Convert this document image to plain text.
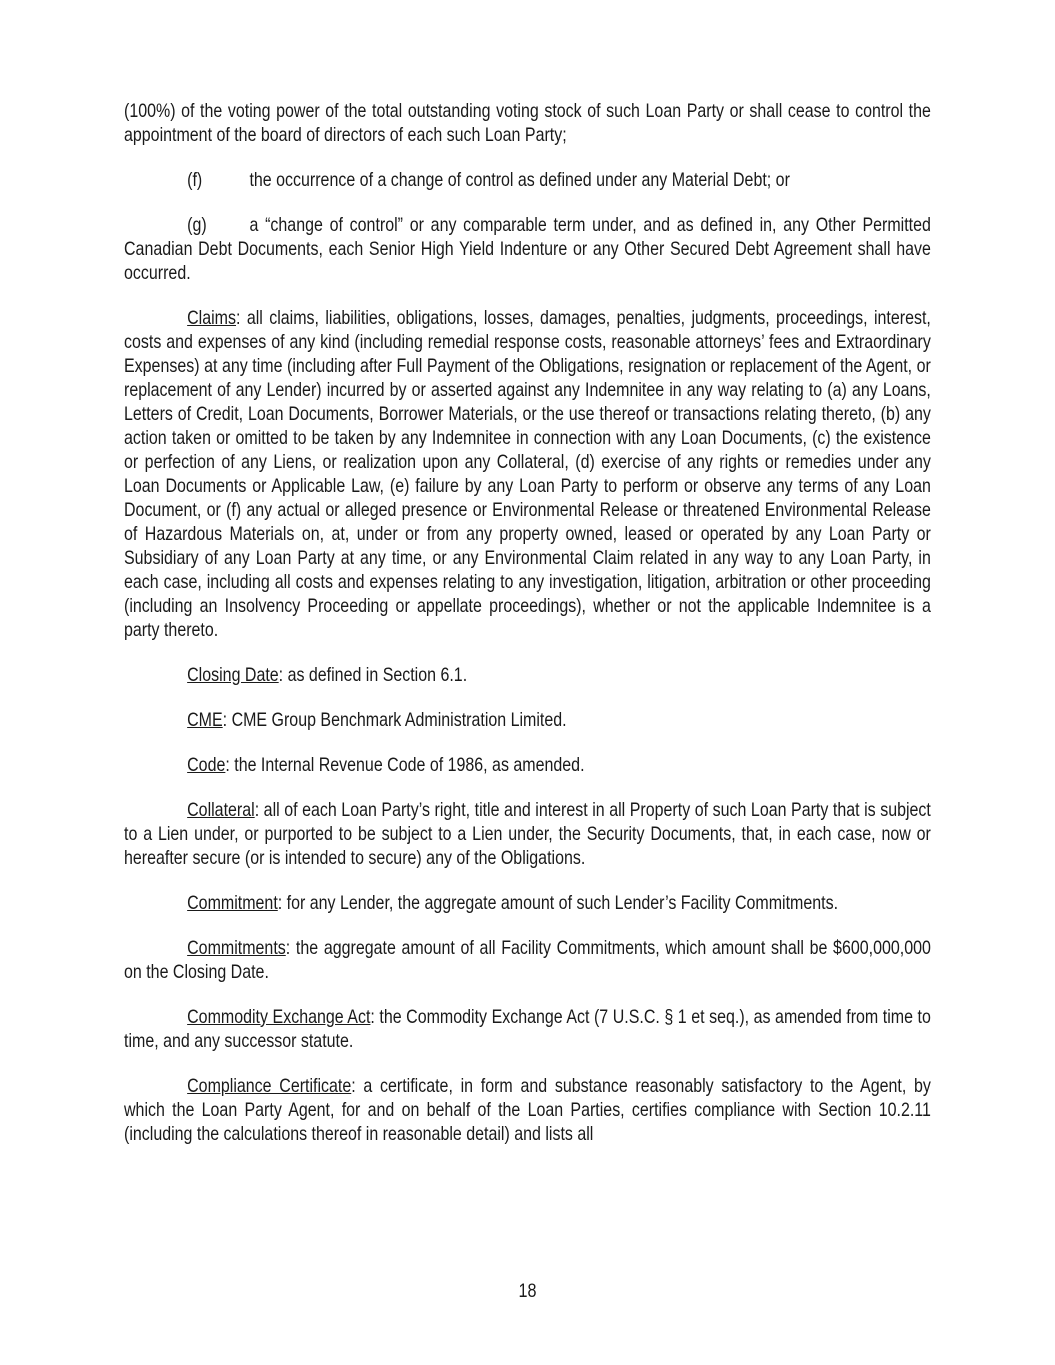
(100%) of the voting power of the total outstanding voting stock of such Loan Party or shall cease to control the appointment of the board of directors of each such Loan Party;

(f) the occurrence of a change of control as defined under any Material Debt; or

(g) a “change of control” or any comparable term under, and as defined in, any Other Permitted Canadian Debt Documents, each Senior High Yield Indenture or any Other Secured Debt Agreement shall have occurred.

Claims: all claims, liabilities, obligations, losses, damages, penalties, judgments, proceedings, interest, costs and expenses of any kind (including remedial response costs, reasonable attorneys’ fees and Extraordinary Expenses) at any time (including after Full Payment of the Obligations, resignation or replacement of the Agent, or replacement of any Lender) incurred by or asserted against any Indemnitee in any way relating to (a) any Loans, Letters of Credit, Loan Documents, Borrower Materials, or the use thereof or transactions relating thereto, (b) any action taken or omitted to be taken by any Indemnitee in connection with any Loan Documents, (c) the existence or perfection of any Liens, or realization upon any Collateral, (d) exercise of any rights or remedies under any Loan Documents or Applicable Law, (e) failure by any Loan Party to perform or observe any terms of any Loan Document, or (f) any actual or alleged presence or Environmental Release or threatened Environmental Release of Hazardous Materials on, at, under or from any property owned, leased or operated by any Loan Party or Subsidiary of any Loan Party at any time, or any Environmental Claim related in any way to any Loan Party, in each case, including all costs and expenses relating to any investigation, litigation, arbitration or other proceeding (including an Insolvency Proceeding or appellate proceedings), whether or not the applicable Indemnitee is a party thereto.

Closing Date: as defined in Section 6.1.

CME: CME Group Benchmark Administration Limited.

Code: the Internal Revenue Code of 1986, as amended.

Collateral: all of each Loan Party’s right, title and interest in all Property of such Loan Party that is subject to a Lien under, or purported to be subject to a Lien under, the Security Documents, that, in each case, now or hereafter secure (or is intended to secure) any of the Obligations.

Commitment: for any Lender, the aggregate amount of such Lender’s Facility Commitments.

Commitments: the aggregate amount of all Facility Commitments, which amount shall be $600,000,000 on the Closing Date.

Commodity Exchange Act: the Commodity Exchange Act (7 U.S.C. § 1 et seq.), as amended from time to time, and any successor statute.

Compliance Certificate: a certificate, in form and substance reasonably satisfactory to the Agent, by which the Loan Party Agent, for and on behalf of the Loan Parties, certifies compliance with Section 10.2.11 (including the calculations thereof in reasonable detail) and lists all

18
